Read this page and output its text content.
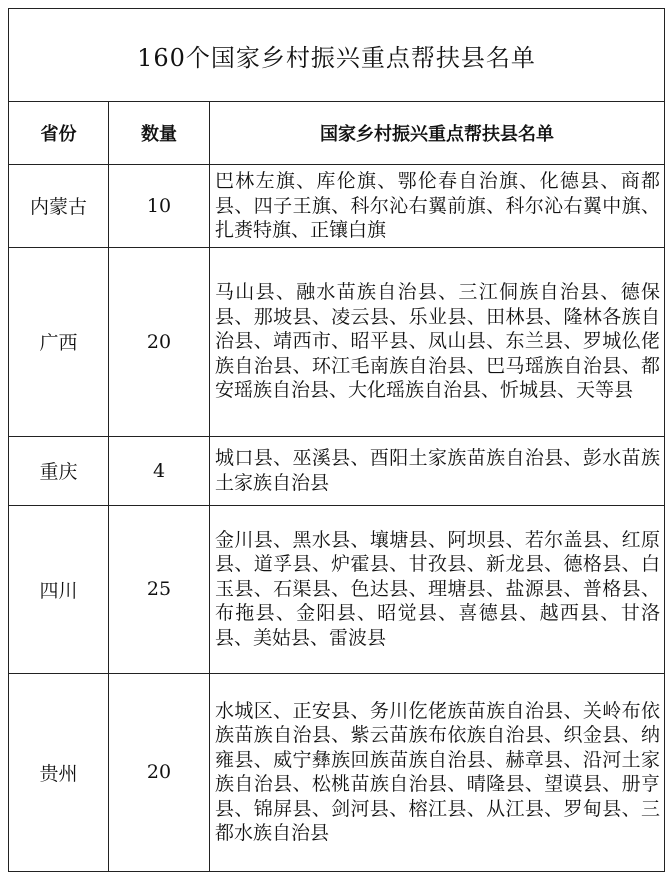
160个国家乡村振兴重点帮扶县名单		
省份	数量	国家乡村振兴重点帮扶县名单
内蒙古	10	巴林左旗、库伦旗、鄂伦春自治旗、化德县、商都县、四子王旗、科尔沁右翼前旗、科尔沁右翼中旗、扎赉特旗、正镶白旗
广西	20	马山县、融水苗族自治县、三江侗族自治县、德保县、那坡县、凌云县、乐业县、田林县、隆林各族自治县、靖西市、昭平县、凤山县、东兰县、罗城仫佬族自治县、环江毛南族自治县、巴马瑶族自治县、都安瑶族自治县、大化瑶族自治县、忻城县、天等县
重庆	4	城口县、巫溪县、酉阳土家族苗族自治县、彭水苗族土家族自治县
四川	25	金川县、黑水县、壤塘县、阿坝县、若尔盖县、红原县、道孚县、炉霍县、甘孜县、新龙县、德格县、白玉县、石渠县、色达县、理塘县、盐源县、普格县、布拖县、金阳县、昭觉县、喜德县、越西县、甘洛县、美姑县、雷波县
贵州	20	水城区、正安县、务川仡佬族苗族自治县、关岭布依族苗族自治县、紫云苗族布依族自治县、织金县、纳雍县、威宁彝族回族苗族自治县、赫章县、沿河土家族自治县、松桃苗族自治县、晴隆县、望谟县、册亨县、锦屏县、剑河县、榕江县、从江县、罗甸县、三都水族自治县
